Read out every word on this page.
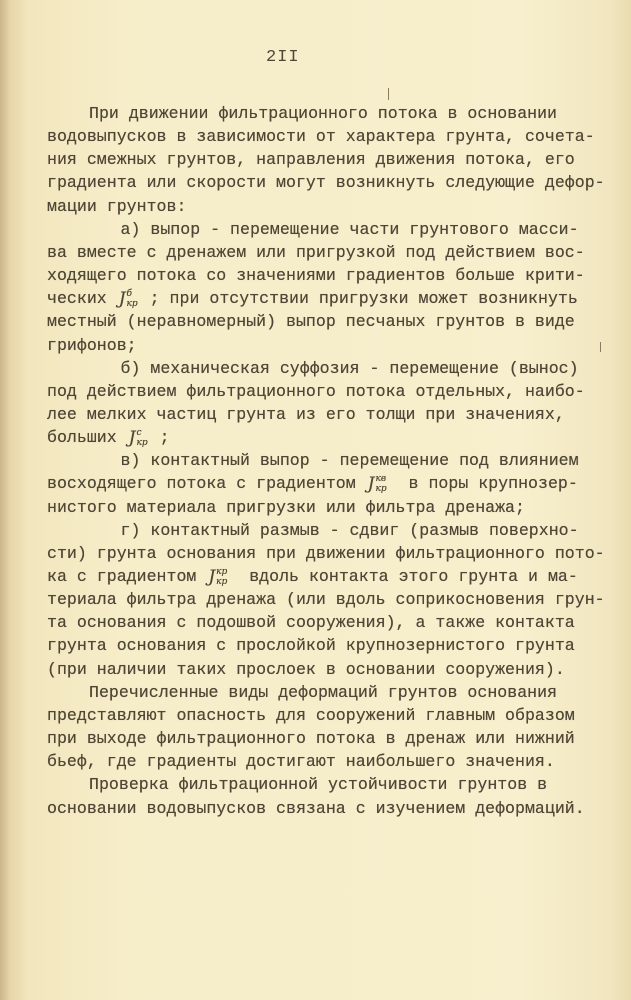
2II
При движении фильтрационного потока в основании
водовыпусков в зависимости от характера грунта, сочета-
ния смежных грунтов, направления движения потока, его
градиента или скорости могут возникнуть следующие дефор-
мации грунтов:
а) выпор - перемещение части грунтового масси-
ва вместе с дренажем или пригрузкой под действием вос-
ходящего потока со значениями градиентов больше крити-
ческих J б
кр ; при отсутствии пригрузки может возникнуть
местный (неравномерный) выпор песчаных грунтов в виде
грифонов;
б) механическая суффозия - перемещение (вынос)
под действием фильтрационного потока отдельных, наибо-
лее мелких частиц грунта из его толщи при значениях,
больших J с
кр ;
в) контактный выпор - перемещение под влиянием
восходящего потока с градиентом J кв
кр в поры крупнозер-
нистого материала пригрузки или фильтра дренажа;
г) контактный размыв - сдвиг (размыв поверхно-
сти) грунта основания при движении фильтрационного пото-
ка с градиентом J кр
кр вдоль контакта этого грунта и ма-
териала фильтра дренажа (или вдоль соприкосновения грун-
та основания с подошвой сооружения), а также контакта
грунта основания с прослойкой крупнозернистого грунта
(при наличии таких прослоек в основании сооружения).
Перечисленные виды деформаций грунтов основания
представляют опасность для сооружений главным образом
при выходе фильтрационного потока в дренаж или нижний
бьеф, где градиенты достигают наибольшего значения.
Проверка фильтрационной устойчивости грунтов в
основании водовыпусков связана с изучением деформаций.
